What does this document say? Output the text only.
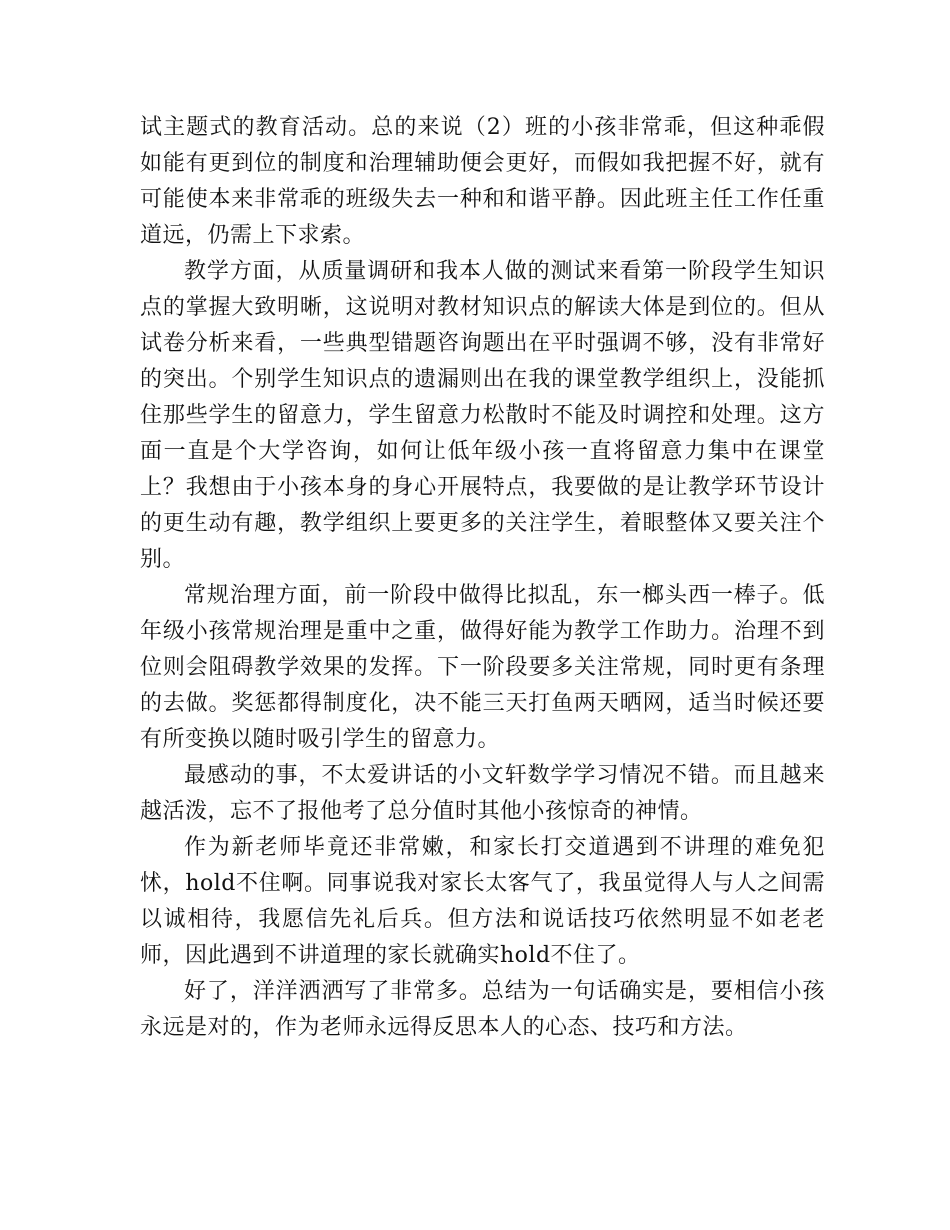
试主题式的教育活动。总的来说（2）班的小孩非常乖，但这种乖假如能有更到位的制度和治理辅助便会更好，而假如我把握不好，就有可能使本来非常乖的班级失去一种和和谐平静。因此班主任工作任重道远，仍需上下求索。

教学方面，从质量调研和我本人做的测试来看第一阶段学生知识点的掌握大致明晰，这说明对教材知识点的解读大体是到位的。但从试卷分析来看，一些典型错题咨询题出在平时强调不够，没有非常好的突出。个别学生知识点的遗漏则出在我的课堂教学组织上，没能抓住那些学生的留意力，学生留意力松散时不能及时调控和处理。这方面一直是个大学咨询，如何让低年级小孩一直将留意力集中在课堂上？我想由于小孩本身的身心开展特点，我要做的是让教学环节设计的更生动有趣，教学组织上要更多的关注学生，着眼整体又要关注个别。

常规治理方面，前一阶段中做得比拟乱，东一榔头西一棒子。低年级小孩常规治理是重中之重，做得好能为教学工作助力。治理不到位则会阻碍教学效果的发挥。下一阶段要多关注常规，同时更有条理的去做。奖惩都得制度化，决不能三天打鱼两天晒网，适当时候还要有所变换以随时吸引学生的留意力。

最感动的事，不太爱讲话的小文轩数学学习情况不错。而且越来越活泼，忘不了报他考了总分值时其他小孩惊奇的神情。

作为新老师毕竟还非常嫩，和家长打交道遇到不讲理的难免犯怵，hold不住啊。同事说我对家长太客气了，我虽觉得人与人之间需以诚相待，我愿信先礼后兵。但方法和说话技巧依然明显不如老老师，因此遇到不讲道理的家长就确实hold不住了。

好了，洋洋洒洒写了非常多。总结为一句话确实是，要相信小孩永远是对的，作为老师永远得反思本人的心态、技巧和方法。
